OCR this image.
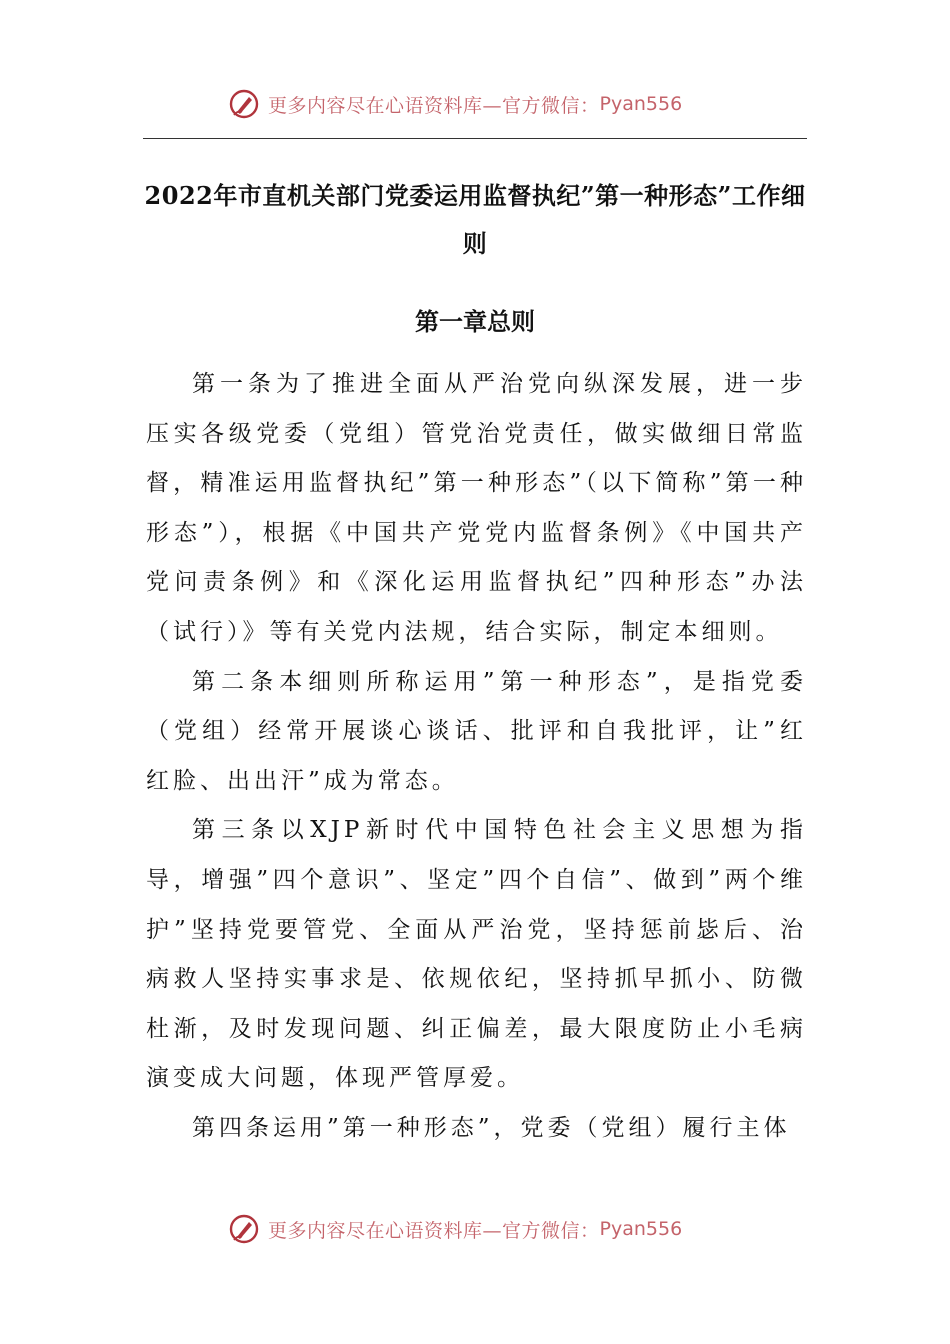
更多内容尽在心语资料库—官方微信： Pyan556
2022年市直机关部门党委运用监督执纪”第一种形态”工作细则
第一章总则

第一条为了推进全面从严治党向纵深发展，进一步压实各级党委（党组）管党治党责任，做实做细日常监督，精准运用监督执纪”第一种形态”（以下简称”第一种形态”），根据《中国共产党党内监督条例》《中国共产党问责条例》和《深化运用监督执纪”四种形态”办法（试行）》等有关党内法规，结合实际，制定本细则。

第二条本细则所称运用”第一种形态”，是指党委（党组）经常开展谈心谈话、批评和自我批评，让”红红脸、出出汗”成为常态。

第三条以XJP新时代中国特色社会主义思想为指导，增强”四个意识”、坚定”四个自信”、做到”两个维护”坚持党要管党、全面从严治党，坚持惩前毖后、治病救人坚持实事求是、依规依纪，坚持抓早抓小、防微杜渐，及时发现问题、纠正偏差，最大限度防止小毛病演变成大问题，体现严管厚爱。

第四条运用”第一种形态”，党委（党组）履行主体

更多内容尽在心语资料库—官方微信： Pyan556
